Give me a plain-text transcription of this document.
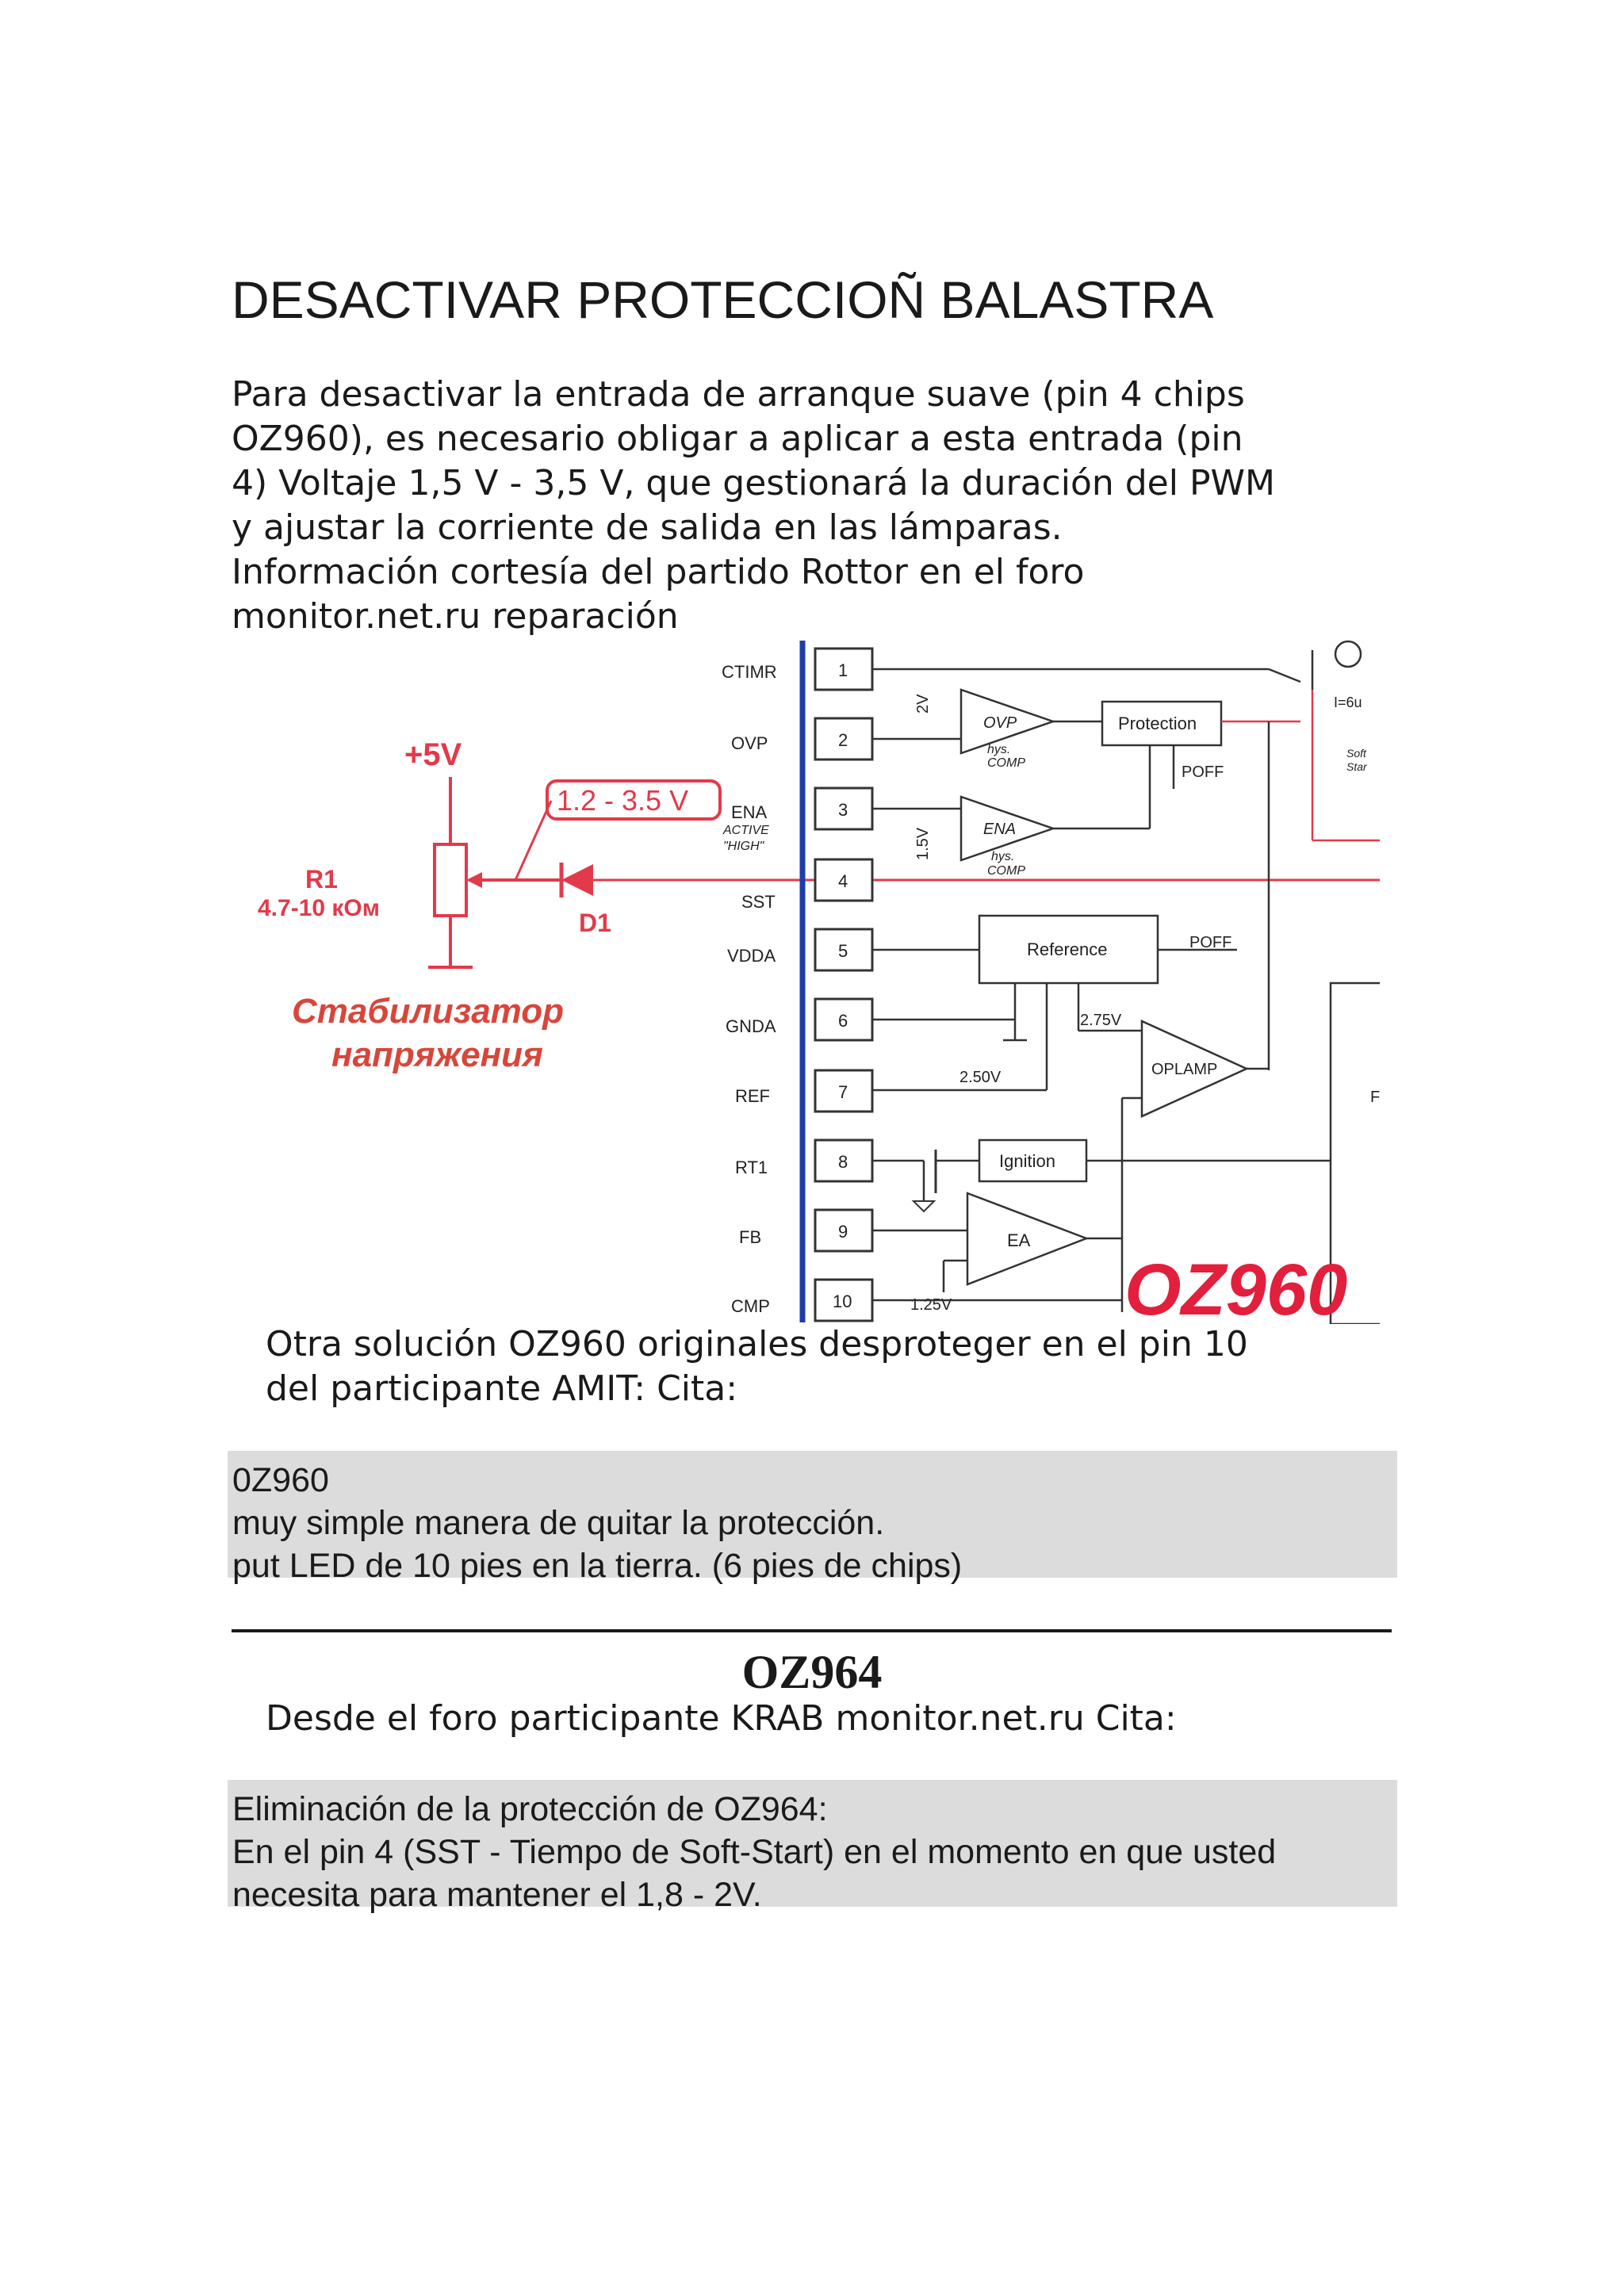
DESACTIVAR PROTECCIOÑ BALASTRA
Para desactivar la entrada de arranque suave (pin 4 chips
OZ960), es necesario obligar a aplicar a esta entrada (pin
4) Voltaje 1,5 V - 3,5 V, que gestionará la duración del PWM
y ajustar la corriente de salida en las lámparas.
Información cortesía del partido Rottor en el foro
monitor.net.ru reparación
+5V
1.2 - 3.5 V
R1
4.7-10 кОм
D1
Стабилизатор
напряжения
CTIMR
OVP
ENA
ACTIVE
"HIGH"
SST
VDDA
GNDA
REF
RT1
FB
CMP
1
2
3
4
5
6
7
8
9
10
I=6u
Soft
Star
2V
OVP
hys.
COMP
Protection
POFF
1.5V	ENA
hys.
COMP
Reference	POFF
2.50V
2.75V
OPLAMP
F
Ignition
EA
1.25V OZ960
Otra solución OZ960 originales desproteger en el pin 10
del participante AMIT: Cita:
0Z960
muy simple manera de quitar la protección.
put LED de 10 pies en la tierra. (6 pies de chips)
OZ964
Desde el foro participante KRAB monitor.net.ru Cita:
Eliminación de la protección de OZ964:
En el pin 4 (SST - Tiempo de Soft-Start) en el momento en que usted
necesita para mantener el 1,8 - 2V.
